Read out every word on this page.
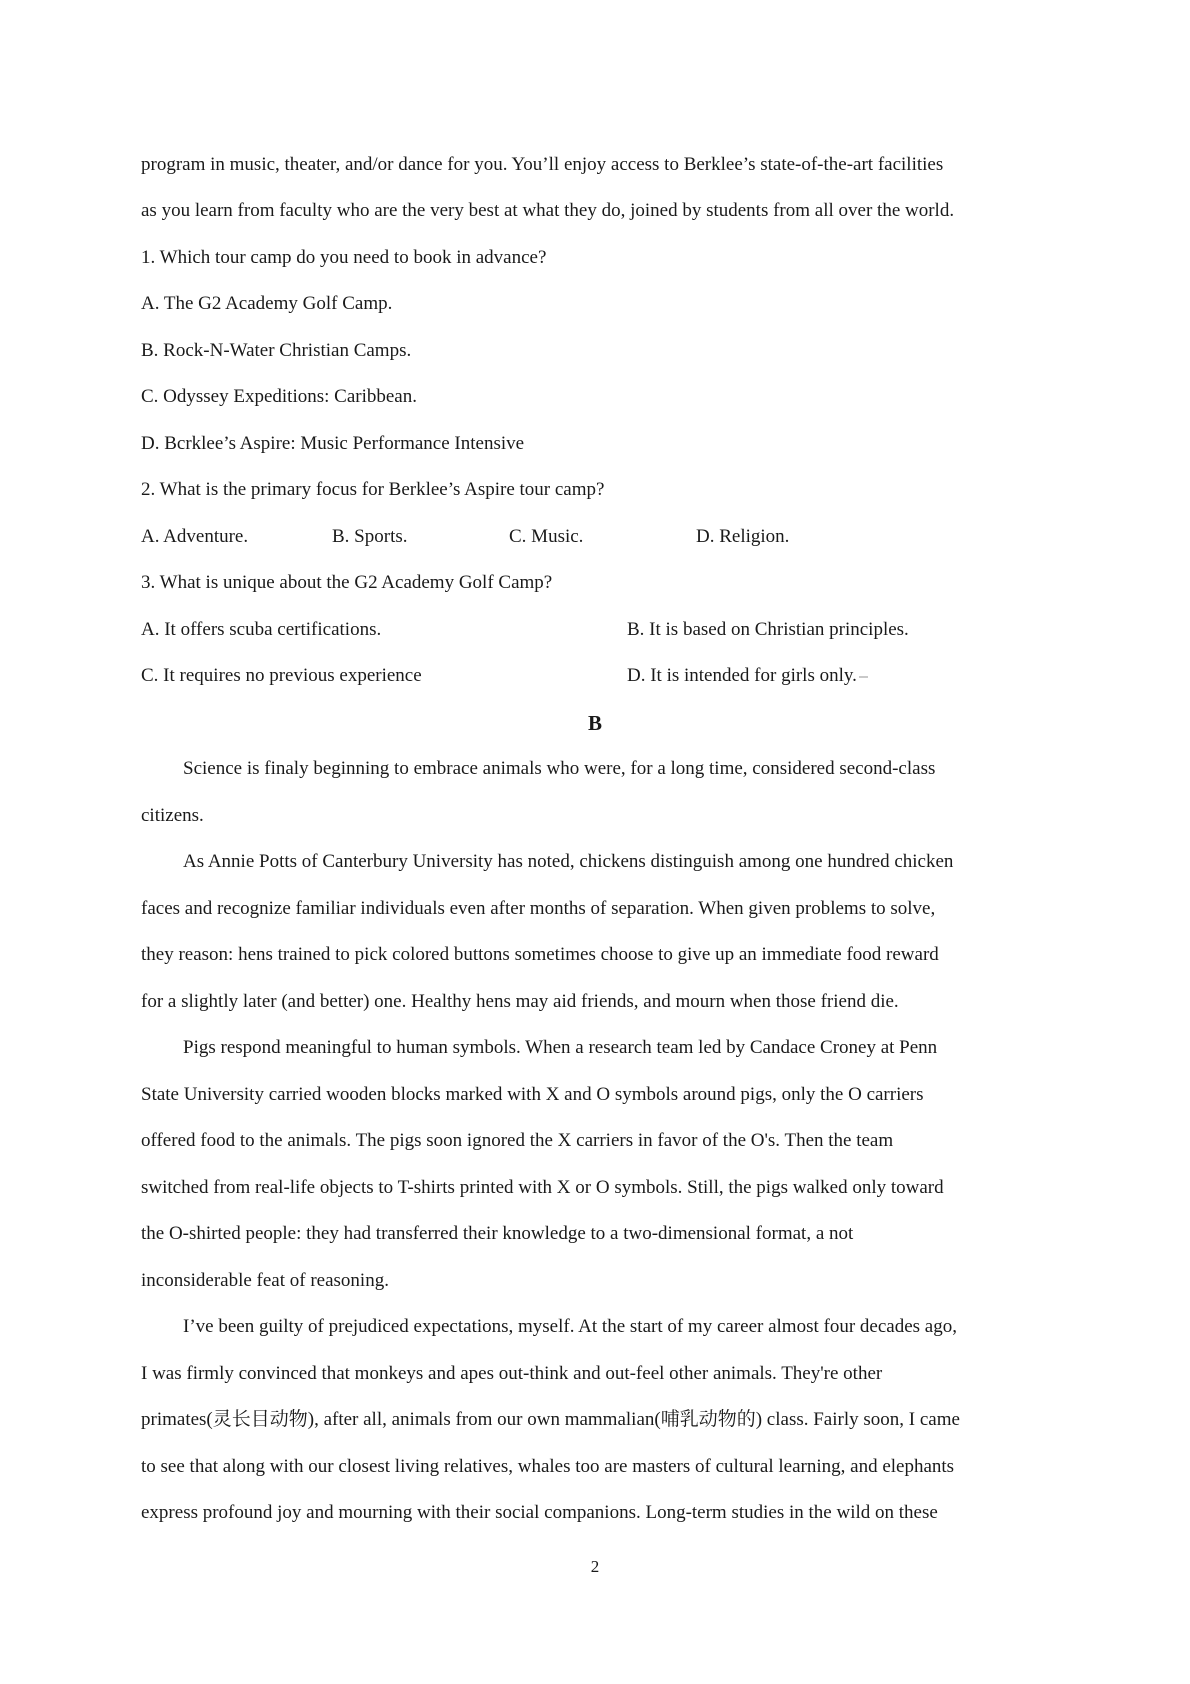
program in music, theater, and/or dance for you. You’ll enjoy access to Berklee’s state-of-the-art facilities
as you learn from faculty who are the very best at what they do, joined by students from all over the world.
1. Which tour camp do you need to book in advance?
A. The G2 Academy Golf Camp.
B. Rock-N-Water Christian Camps.
C. Odyssey Expeditions: Caribbean.
D. Bcrklee’s Aspire: Music Performance Intensive
2. What is the primary focus for Berklee’s Aspire tour camp?
A. Adventure.	B. Sports.	C. Music.	D. Religion.
3. What is unique about the G2 Academy Golf Camp?
A. It offers scuba certifications.	B. It is based on Christian principles.
C. It requires no previous experience	D. It is intended for girls only.
B
Science is finaly beginning to embrace animals who were, for a long time, considered second-class
citizens.
As Annie Potts of Canterbury University has noted, chickens distinguish among one hundred chicken
faces and recognize familiar individuals even after months of separation. When given problems to solve,
they reason: hens trained to pick colored buttons sometimes choose to give up an immediate food reward
for a slightly later (and better) one. Healthy hens may aid friends, and mourn when those friend die.
Pigs respond meaningful to human symbols. When a research team led by Candace Croney at Penn
State University carried wooden blocks marked with X and O symbols around pigs, only the O carriers
offered food to the animals. The pigs soon ignored the X carriers in favor of the O's. Then the team
switched from real-life objects to T-shirts printed with X or O symbols. Still, the pigs walked only toward
the O-shirted people: they had transferred their knowledge to a two-dimensional format, a not
inconsiderable feat of reasoning.
I’ve been guilty of prejudiced expectations, myself. At the start of my career almost four decades ago,
I was firmly convinced that monkeys and apes out-think and out-feel other animals. They're other
primates(灵长目动物), after all, animals from our own mammalian(哺乳动物的) class. Fairly soon, I came
to see that along with our closest living relatives, whales too are masters of cultural learning, and elephants
express profound joy and mourning with their social companions. Long-term studies in the wild on these
2
